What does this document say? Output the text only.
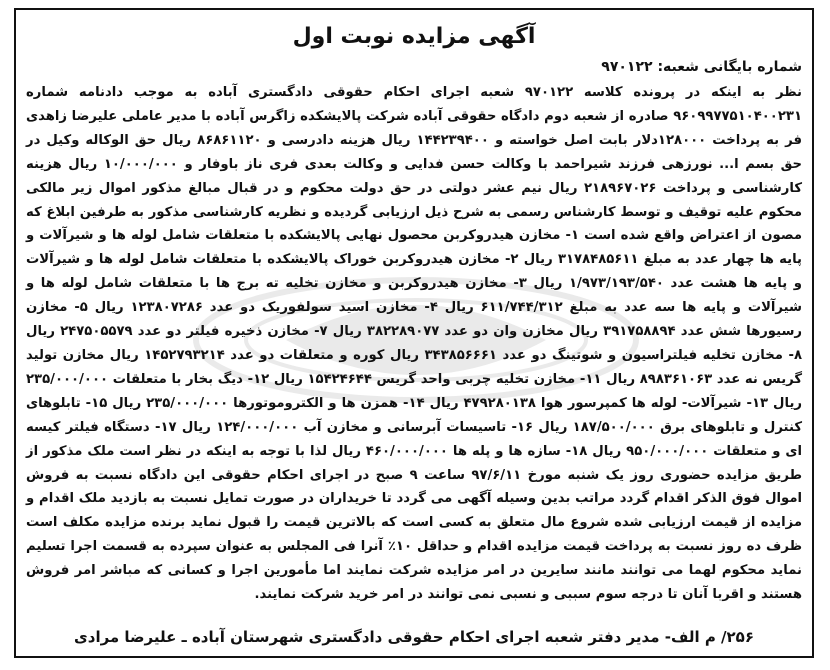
آگهی مزایده نوبت اول
شماره بایگانی شعبه: ۹۷۰۱۲۲
نظر به اینکه در پرونده کلاسه ۹۷۰۱۲۲ شعبه اجرای احکام حقوقی دادگستری آباده به موجب دادنامه شماره ۹۶۰۹۹۷۷۵۱۰۴۰۰۲۳۱ صادره از شعبه دوم دادگاه حقوقی آباده شرکت پالایشکده زاگرس آباده با مدیر عاملی علیرضا زاهدی فر به پرداخت ۱۲۸۰۰۰دلار بابت اصل خواسته و ۱۴۴۲۳۹۴۰۰ ریال هزینه دادرسی و ۸۶۸۶۱۱۲۰ ریال حق الوکاله وکیل در حق بسم ا... نورزهی فرزند شیراحمد با وکالت حسن فدایی و وکالت بعدی فری ناز باوفار و ۱۰/۰۰۰/۰۰۰ ریال هزینه کارشناسی و پرداخت ۲۱۸۹۶۷۰۲۶ ریال نیم عشر دولتی در حق دولت محکوم و در قبال مبالغ مذکور اموال زیر مالکی محکوم علیه توقیف و توسط کارشناس رسمی به شرح ذیل ارزیابی گردیده و نظریه کارشناسی مذکور به طرفین ابلاغ که مصون از اعتراض واقع شده است ۱- مخازن هیدروکربن محصول نهایی پالایشکده با متعلقات شامل لوله ها و شیرآلات و پایه ها چهار عدد به مبلغ ۳۱۷۸۴۸۵۶۱۱ ریال ۲- مخازن هیدروکربن خوراک پالایشکده با متعلقات شامل لوله ها و شیرآلات و پایه ها هشت عدد ۱/۹۷۳/۱۹۳/۵۴۰ ریال ۳- مخازن هیدروکربن و مخازن تخلیه ته برج ها با متعلقات شامل لوله ها و شیرآلات و پایه ها سه عدد به مبلغ ۶۱۱/۷۴۴/۳۱۲ ریال ۴- مخازن اسید سولفوریک دو عدد ۱۲۳۸۰۷۲۸۶ ریال ۵- مخازن رسیورها شش عدد ۳۹۱۷۵۸۸۹۴ ریال مخازن وان دو عدد ۳۸۲۲۸۹۰۷۷ ریال ۷- مخازن ذخیره فیلتر دو عدد ۲۴۷۵۰۵۵۷۹ ریال ۸- مخازن تخلیه فیلتراسیون و شوتینگ دو عدد ۳۴۳۸۵۶۶۶۱ ریال کوره و متعلقات دو عدد ۱۴۵۲۷۹۳۲۱۴ ریال مخازن تولید گریس نه عدد ۸۹۸۳۶۱۰۶۳ ریال ۱۱- مخازن تخلیه چربی واحد گریس ۱۵۴۲۴۶۴۴ ریال ۱۲- دیگ بخار با متعلقات ۲۳۵/۰۰۰/۰۰۰ ریال ۱۳- شیرآلات- لوله ها کمپرسور هوا ۴۷۹۲۸۰۱۳۸ ریال ۱۴- همزن ها و الکتروموتورها ۲۳۵/۰۰۰/۰۰۰ ریال ۱۵- تابلوهای کنترل و تابلوهای برق ۱۸۷/۵۰۰/۰۰۰ ریال ۱۶- تاسیسات آبرسانی و مخازن آب ۱۲۴/۰۰۰/۰۰۰ ریال ۱۷- دستگاه فیلتر کیسه ای و متعلقات ۹۵۰/۰۰۰/۰۰۰ ریال ۱۸- سازه ها و پله ها ۴۶۰/۰۰۰/۰۰۰ ریال لذا با توجه به اینکه در نظر است ملک مذکور از طریق مزایده حضوری روز یک شنبه مورخ ۹۷/۶/۱۱ ساعت ۹ صبح در اجرای احکام حقوقی این دادگاه نسبت به فروش اموال فوق الذکر اقدام گردد مراتب بدین وسیله آگهی می گردد تا خریداران در صورت تمایل نسبت به بازدید ملک اقدام و مزایده از قیمت ارزیابی شده شروع مال متعلق به کسی است که بالاترین قیمت را قبول نماید برنده مزایده مکلف است ظرف ده روز نسبت به پرداخت قیمت مزایده اقدام و حداقل ۱۰٪ آنرا فی المجلس به عنوان سپرده به قسمت اجرا تسلیم نماید محکوم لهما می توانند مانند سایرین در امر مزایده شرکت نمایند اما مأمورین اجرا و کسانی که مباشر امر فروش هستند و اقربا آنان تا درجه سوم سببی و نسبی نمی توانند در امر خرید شرکت نمایند.
۲۵۶/ م الف- مدیر دفتر شعبه اجرای احکام حقوقی دادگستری شهرستان آباده ـ علیرضا مرادی
